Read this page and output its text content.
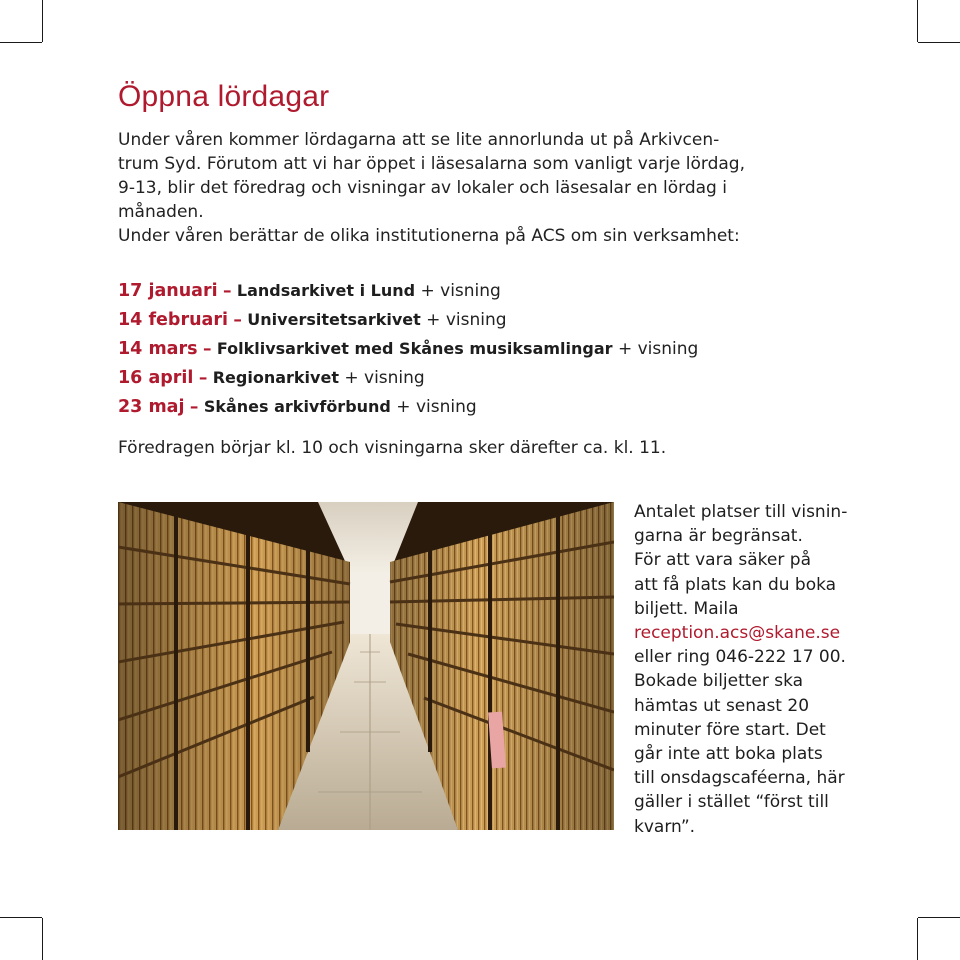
Öppna lördagar

Under våren kommer lördagarna att se lite annorlunda ut på Arkivcen-

trum Syd. Förutom att vi har öppet i läsesalarna som vanligt varje lördag,

9-13, blir det föredrag och visningar av lokaler och läsesalar en lördag i

månaden.

Under våren berättar de olika institutionerna på ACS om sin verksamhet:

17 januari – Landsarkivet i Lund + visning
14 februari – Universitetsarkivet + visning
14 mars – Folklivsarkivet med Skånes musiksamlingar + visning
16 april – Regionarkivet + visning
23 maj – Skånes arkivförbund + visning
Föredragen börjar kl. 10 och visningarna sker därefter ca. kl. 11.
Antalet platser till visnin-
garna är begränsat.
För att vara säker på
att få plats kan du boka
biljett. Maila
reception.acs@skane.se
eller ring 046-222 17 00.
Bokade biljetter ska
hämtas ut senast 20
minuter före start. Det
går inte att boka plats
till onsdagscaféerna, här
gäller i stället “först till
kvarn”.
